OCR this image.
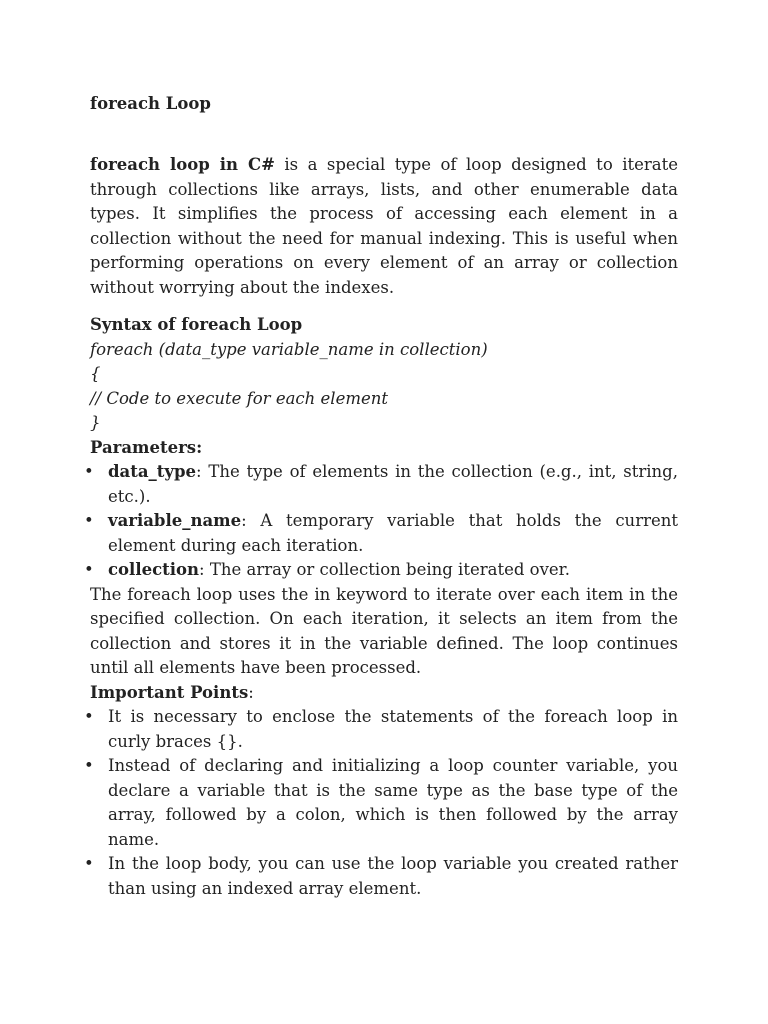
foreach Loop

foreach loop in C# is a special type of loop designed to iterate through collections like arrays, lists, and other enumerable data types. It simplifies the process of accessing each element in a collection without the need for manual indexing. This is useful when performing operations on every element of an array or collection without worrying about the indexes.

Syntax of foreach Loop
foreach (data_type variable_name in collection)
{
// Code to execute for each element
}
Parameters:
• data_type: The type of elements in the collection (e.g., int, string, etc.).
• variable_name: A temporary variable that holds the current element during each iteration.
• collection: The array or collection being iterated over.

The foreach loop uses the in keyword to iterate over each item in the specified collection. On each iteration, it selects an item from the collection and stores it in the variable defined. The loop continues until all elements have been processed.

Important Points:
• It is necessary to enclose the statements of the foreach loop in curly braces {}.
• Instead of declaring and initializing a loop counter variable, you declare a variable that is the same type as the base type of the array, followed by a colon, which is then followed by the array name.
• In the loop body, you can use the loop variable you created rather than using an indexed array element.
